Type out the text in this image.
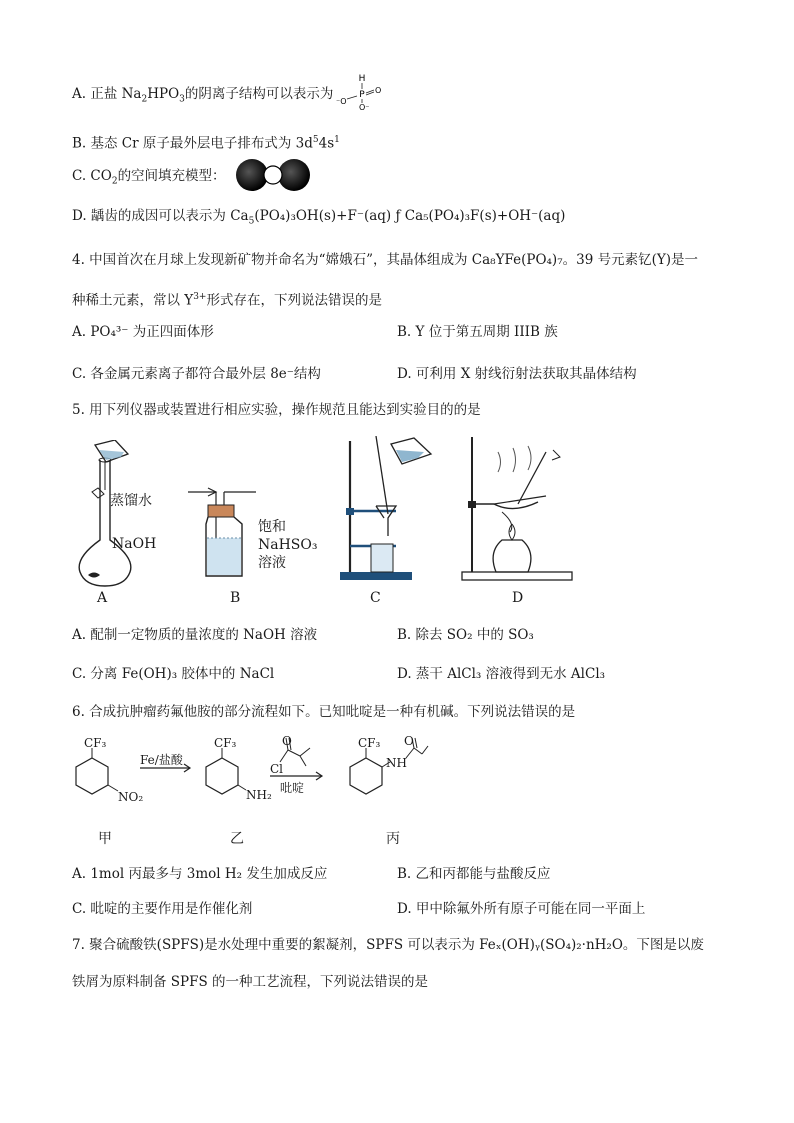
A. 正盐 $Na_2HPO_3$的阴离子结构可以表示为
H
P
⁻O
O
O⁻
B. 基态 Cr 原子最外层电子排布式为 $3d^54s^1$
C. $CO_2$的空间填充模型：
D. 龋齿的成因可以表示为 $Ca_5(PO_4)_3OH(s)+F^-(aq)$ ƒ Ca₅(PO₄)₃F(s)+OH⁻(aq)
4. 中国首次在月球上发现新矿物并命名为“嫦娥石”，其晶体组成为 Ca₈YFe(PO₄)₇。39 号元素钇(Y)是一
种稀土元素，常以 $Y^{3+}$形式存在，下列说法错误的是
A. PO₄³⁻ 为正四面体形	B. Y 位于第五周期 IIIB 族
C. 各金属元素离子都符合最外层 8e⁻结构	D. 可利用 X 射线衍射法获取其晶体结构
5. 用下列仪器或装置进行相应实验，操作规范且能达到实验目的的是
蒸馏水
NaOH
A
饱和
NaHSO₃
溶液
B	C	D
A. 配制一定物质的量浓度的 NaOH 溶液	B. 除去 SO₂ 中的 SO₃
C. 分离 Fe(OH)₃ 胶体中的 NaCl	D. 蒸干 AlCl₃ 溶液得到无水 AlCl₃
6. 合成抗肿瘤药氟他胺的部分流程如下。已知吡啶是一种有机碱。下列说法错误的是
CF₃
NO₂
Fe/盐酸
CF₃
NH₂
O
Cl
吡啶
CF₃
NH
O
甲	乙	丙
A. 1mol 丙最多与 3mol H₂ 发生加成反应	B. 乙和丙都能与盐酸反应
C. 吡啶的主要作用是作催化剂	D. 甲中除氟外所有原子可能在同一平面上
7. 聚合硫酸铁(SPFS)是水处理中重要的絮凝剂，SPFS 可以表示为 Feₓ(OH)ᵧ(SO₄)₂·nH₂O。下图是以废
铁屑为原料制备 SPFS 的一种工艺流程，下列说法错误的是
